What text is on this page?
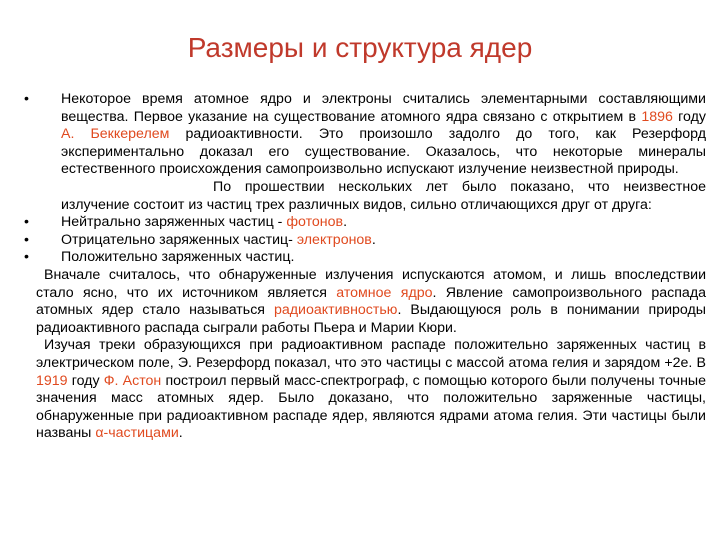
Размеры и структура ядер
•	Некоторое время атомное ядро и электроны считались элементарными составляющими вещества. Первое указание на существование атомного ядра связано с открытием в 1896 году А. Беккерелем радиоактивности. Это произошло задолго до того, как Резерфорд экспериментально доказал его существование. Оказалось, что некоторые минералы естественного происхождения самопроизвольно испускают излучение неизвестной природы.
По прошествии нескольких лет было показано, что неизвестное излучение состоит из частиц трех различных видов, сильно отличающихся друг от друга:
•	Нейтрально заряженных частиц - фотонов.
•	Отрицательно заряженных частиц- электронов.
•	Положительно заряженных частиц.
Вначале считалось, что обнаруженные излучения испускаются атомом, и лишь впоследствии стало ясно, что их источником является атомное ядро. Явление самопроизвольного распада атомных ядер стало называться радиоактивностью. Выдающуюся роль в понимании природы радиоактивного распада сыграли работы Пьера и Марии Кюри.
Изучая треки образующихся при радиоактивном распаде положительно заряженных частиц в электрическом поле, Э. Резерфорд показал, что это частицы с массой атома гелия и зарядом +2е. В 1919 году Ф. Астон построил первый масс-спектрограф, с помощью которого были получены точные значения масс атомных ядер. Было доказано, что положительно заряженные частицы, обнаруженные при радиоактивном распаде ядер, являются ядрами атома гелия. Эти частицы были названы α-частицами.
